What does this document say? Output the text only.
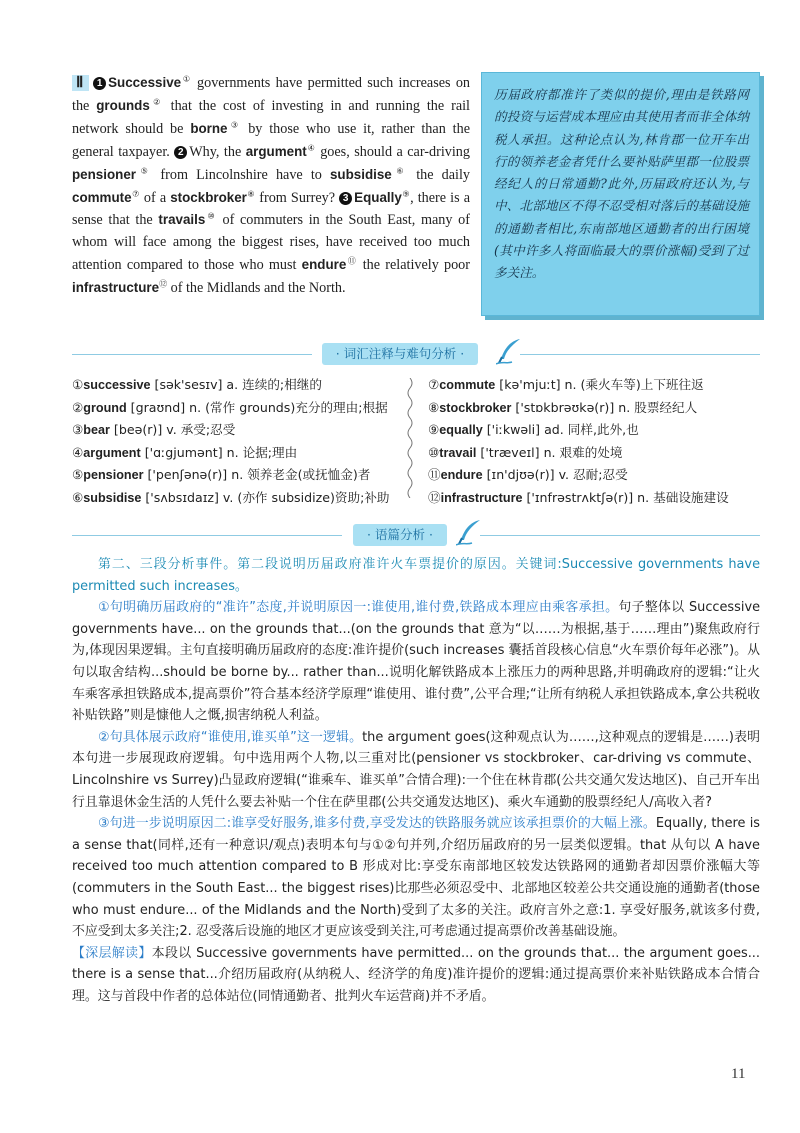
Ⅱ 1 Successive① governments have permitted such increases on the grounds② that the cost of investing in and running the rail network should be borne③ by those who use it, rather than the general taxpayer. 2 Why, the argument④ goes, should a car-driving pensioner⑤ from Lincolnshire have to subsidise⑥ the daily commute⑦ of a stockbroker⑧ from Surrey? 3 Equally⑨, there is a sense that the travails⑩ of commuters in the South East, many of whom will face among the biggest rises, have received too much attention compared to those who must endure⑪ the relatively poor infrastructure⑫ of the Midlands and the North.
历届政府都准许了类似的提价,理由是铁路网的投资与运营成本理应由其使用者而非全体纳税人承担。这种论点认为,林肯郡一位开车出行的领养老金者凭什么要补贴萨里郡一位股票经纪人的日常通勤?此外,历届政府还认为,与中、北部地区不得不忍受相对落后的基础设施的通勤者相比,东南部地区通勤者的出行困境(其中许多人将面临最大的票价涨幅)受到了过多关注。
· 词汇注释与难句分析 ·
①successive [sək'sesɪv] a. 连续的;相继的
②ground [graʊnd] n. (常作 grounds)充分的理由;根据
③bear [beə(r)] v. 承受;忍受
④argument ['ɑːgjumənt] n. 论据;理由
⑤pensioner ['penʃənə(r)] n. 领养老金(或抚恤金)者
⑥subsidise ['sʌbsɪdaɪz] v. (亦作 subsidize)资助;补助
⑦commute [kə'mjuːt] n. (乘火车等)上下班往返
⑧stockbroker ['stɒkbrəʊkə(r)] n. 股票经纪人
⑨equally ['iːkwəli] ad. 同样,此外,也
⑩travail ['træveɪl] n. 艰难的处境
⑪endure [ɪn'djʊə(r)] v. 忍耐;忍受
⑫infrastructure ['ɪnfrəstrʌktʃə(r)] n. 基础设施建设
· 语篇分析 ·

第二、三段分析事件。第二段说明历届政府准许火车票提价的原因。关键词:Successive governments have permitted such increases。

①句明确历届政府的“准许”态度,并说明原因一:谁使用,谁付费,铁路成本理应由乘客承担。句子整体以 Successive governments have... on the grounds that...(on the grounds that 意为“以……为根据,基于……理由”)聚焦政府行为,体现因果逻辑。主句直接明确历届政府的态度:准许提价(such increases 囊括首段核心信息“火车票价每年必涨”)。从句以取舍结构...should be borne by... rather than...说明化解铁路成本上涨压力的两种思路,并明确政府的逻辑:“让火车乘客承担铁路成本,提高票价”符合基本经济学原理“谁使用、谁付费”,公平合理;“让所有纳税人承担铁路成本,拿公共税收补贴铁路”则是慷他人之慨,损害纳税人利益。

②句具体展示政府“谁使用,谁买单”这一逻辑。the argument goes(这种观点认为……,这种观点的逻辑是……)表明本句进一步展现政府逻辑。句中选用两个人物,以三重对比(pensioner vs stockbroker、car-driving vs commute、Lincolnshire vs Surrey)凸显政府逻辑(“谁乘车、谁买单”合情合理):一个住在林肯郡(公共交通欠发达地区)、自己开车出行且靠退休金生活的人凭什么要去补贴一个住在萨里郡(公共交通发达地区)、乘火车通勤的股票经纪人/高收入者?

③句进一步说明原因二:谁享受好服务,谁多付费,享受发达的铁路服务就应该承担票价的大幅上涨。Equally, there is a sense that(同样,还有一种意识/观点)表明本句与①②句并列,介绍历届政府的另一层类似逻辑。that 从句以 A have received too much attention compared to B 形成对比:享受东南部地区较发达铁路网的通勤者却因票价涨幅大等(commuters in the South East... the biggest rises)比那些必须忍受中、北部地区较差公共交通设施的通勤者(those who must endure... of the Midlands and the North)受到了太多的关注。政府言外之意:1. 享受好服务,就该多付费,不应受到太多关注;2. 忍受落后设施的地区才更应该受到关注,可考虑通过提高票价改善基础设施。

【深层解读】本段以 Successive governments have permitted... on the grounds that... the argument goes... there is a sense that...介绍历届政府(从纳税人、经济学的角度)准许提价的逻辑:通过提高票价来补贴铁路成本合情合理。这与首段中作者的总体站位(同情通勤者、批判火车运营商)并不矛盾。

11
